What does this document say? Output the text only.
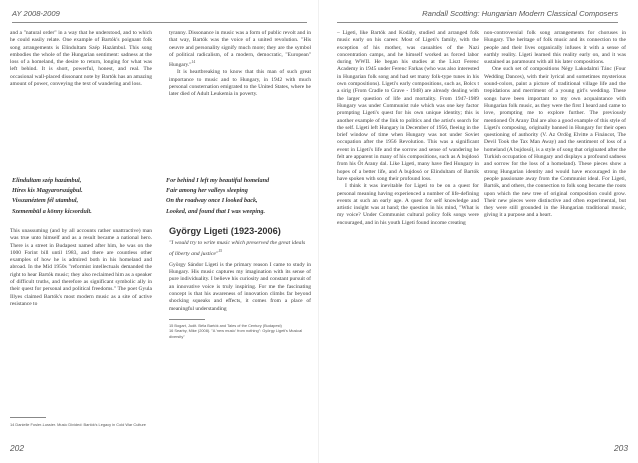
AY 2008-2009

and a "natural order" in a way that he understood, and to which he could easily relate. One example of Bartók's poignant folk song arrangements is Elindultam Szép Hazámbul. This song embodies the whole of the Hungarian sentiment: sadness at the loss of a homeland, the desire to return, longing for what was left behind. It is short, powerful, honest, and real. The occasional wall-placed dissonant note by Bartók has an amazing amount of power, conveying the text of wandering and loss.

tyranny. Dissonance in music was a form of public revolt and in that way, Bartók was the voice of a united revolution. "His oeuvre and personality signify much more; they are the symbol of political radicalism, of a modern, democratic, "European" Hungary."$^{14}$

It is heartbreaking to know that this man of such great importance to music and to Hungary, in 1942 with much personal consternation emigrated to the United States, where he later died of Adult Leukemia in poverty.

Elindultam szép hazámbul,
Híres kis Magyarországbul.
Visszanéztem fél utambul,
Szemembül a könny kicsordult.
For behind I left my beautiful homeland
Fair among her valleys sleeping
On the roadway once I looked back,
Looked, and found that I was weeping.

This unassuming (and by all accounts rather unattractive) man was true unto himself and as a result became a national hero. There is a street in Budapest named after him, he was on the 1000 Forint bill until 1983, and there are countless other examples of how he is admired both in his homeland and abroad. In the Mid 1950s "reformist intellectuals demanded the right to hear Bartók music; they also reclaimed him as a speaker of difficult truths, and therefore as significant symbolic ally in their quest for personal and political freedoms." The poet Gyula Illyes claimed Bartók's most modern music as a site of active resistance to

György Ligeti (1923-2006)

"I would try to write music which preserved the great ideals of liberty and justice"$^{15}$

György Sándor Ligeti is the primary reason I came to study in Hungary. His music captures my imagination with its sense of pure individuality. I believe his curiosity and constant pursuit of an innovative voice is truly inspiring. For me the fascinating concept is that his awareness of innovation climbs far beyond shocking squeaks and effects, it comes from a place of meaningful understanding

15 Bogart, Judit. Béla Bartók and Tales of the Century (Budapest)

16 Searby, Mike (2008). "A 'new music' from nothing": György Ligeti's Musical diversity"

14 Danielle Fosler-Lussier. Music Divided: Bartók's Legacy in Cold War Culture

202
Randall Scotting: Hungarian Modern Classical Composers

– Ligeti, like Bartók and Kodály, studied and arranged folk music early on his career. Most of Ligeti's family, with the exception of his mother, was casualties of the Nazi concentration camps, and he himself worked as forced labor during WWII. He began his studies at the Liszt Ferenc Academy in 1945 under Ferenc Farkas (who was also interested in Hungarian folk song and had set many folk-type tunes in his own compositions). Ligeti's early compositions, such as, Bolcs t a sirig (From Cradle to Grave - 1948) are already dealing with the larger question of life and mortality. From 1947-1989 Hungary was under Communist rule which was one key factor prompting Ligeti's quest for his own unique identity; this is another example of the link to politics and the artist's search for the self. Ligeti left Hungary in December of 1956, fleeing in the brief window of time when Hungary was not under Soviet occupation after the 1956 Revolution. This was a significant event in Ligeti's life and the sorrow and sense of wandering he felt are apparent in many of his compositions, such as A bujdosó from his Öt Arany dal. Like Ligeti, many have fled Hungary in hopes of a better life, and A bujdosó or Elindultam of Bartók have spoken with song their profound loss.

I think it was inevitable for Ligeti to be on a quest for personal meaning having experienced a number of life-defining events at such an early age. A quest for self knowledge and artistic insight was at hand; the question in his mind, "What is my voice? Under Communist cultural policy folk songs were encouraged, and in his youth Ligeti found income creating

non-controversial folk song arrangements for choruses in Hungary. The heritage of folk music and its connection to the people and their lives organically infuses it with a sense of earthly reality. Ligeti learned this reality early on, and it was sustained as paramount with all his later compositions.

One such set of compositions Négy Lakodalmi Tánc (Four Wedding Dances), with their lyrical and sometimes mysterious sound-colors, paint a picture of traditional village life and the trepidations and merriment of a young girl's wedding. These songs have been important to my own acquaintance with Hungarian folk music, as they were the first I heard and came to love, prompting me to explore further. The previously mentioned Öt Arany Dal are also a good example of this style of Ligeti's composing, originally banned in Hungary for their open questioning of authority (V. Az Ordög Elvitte a Fináncot, The Devil Took the Tax Man Away) and the sentiment of loss of a homeland (A bujdosó), is a style of song that originated after the Turkish occupation of Hungary and displays a profound sadness and sorrow for the loss of a homeland). These pieces show a strong Hungarian identity and would have encouraged in the people passionate away from the Communist ideal. For Ligeti, Bartók, and others, the connection to folk song became the roots upon which the new tree of original composition could grow. Their new pieces were distinctive and often experimental, but they were still grounded in the Hungarian traditional music, giving it a purpose and a heart.

203
